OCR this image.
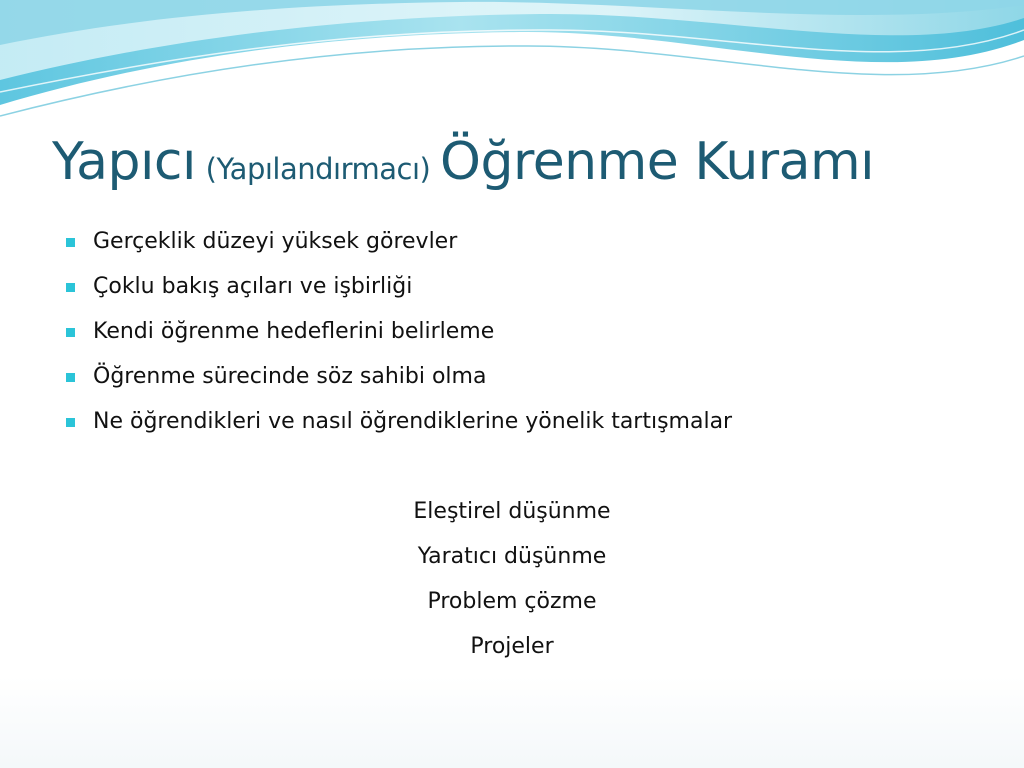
Yapıcı (Yapılandırmacı) Öğrenme Kuramı
Gerçeklik düzeyi yüksek görevler
Çoklu bakış açıları ve işbirliği
Kendi öğrenme hedeflerini belirleme
Öğrenme sürecinde söz sahibi olma
Ne öğrendikleri ve nasıl öğrendiklerine yönelik tartışmalar
Eleştirel düşünme
Yaratıcı düşünme
Problem çözme
Projeler
